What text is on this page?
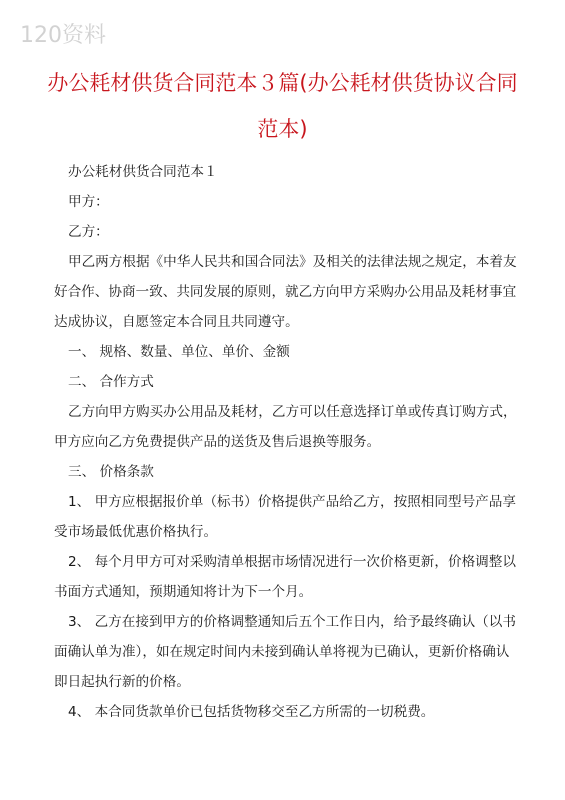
120资料
办公耗材供货合同范本３篇(办公耗材供货协议合同范本)

办公耗材供货合同范本１

甲方：

乙方：

甲乙两方根据《中华人民共和国合同法》及相关的法律法规之规定，本着友好合作、协商一致、共同发展的原则，就乙方向甲方采购办公用品及耗材事宜达成协议，自愿签定本合同且共同遵守。

一、 规格、数量、单位、单价、金额

二、 合作方式

乙方向甲方购买办公用品及耗材，乙方可以任意选择订单或传真订购方式，甲方应向乙方免费提供产品的送货及售后退换等服务。

三、 价格条款

1、 甲方应根据报价单（标书）价格提供产品给乙方，按照相同型号产品享受市场最低优惠价格执行。

2、 每个月甲方可对采购清单根据市场情况进行一次价格更新，价格调整以书面方式通知，预期通知将计为下一个月。

3、 乙方在接到甲方的价格调整通知后五个工作日内，给予最终确认（以书面确认单为准），如在规定时间内未接到确认单将视为已确认，更新价格确认即日起执行新的价格。

4、 本合同货款单价已包括货物移交至乙方所需的一切税费。
